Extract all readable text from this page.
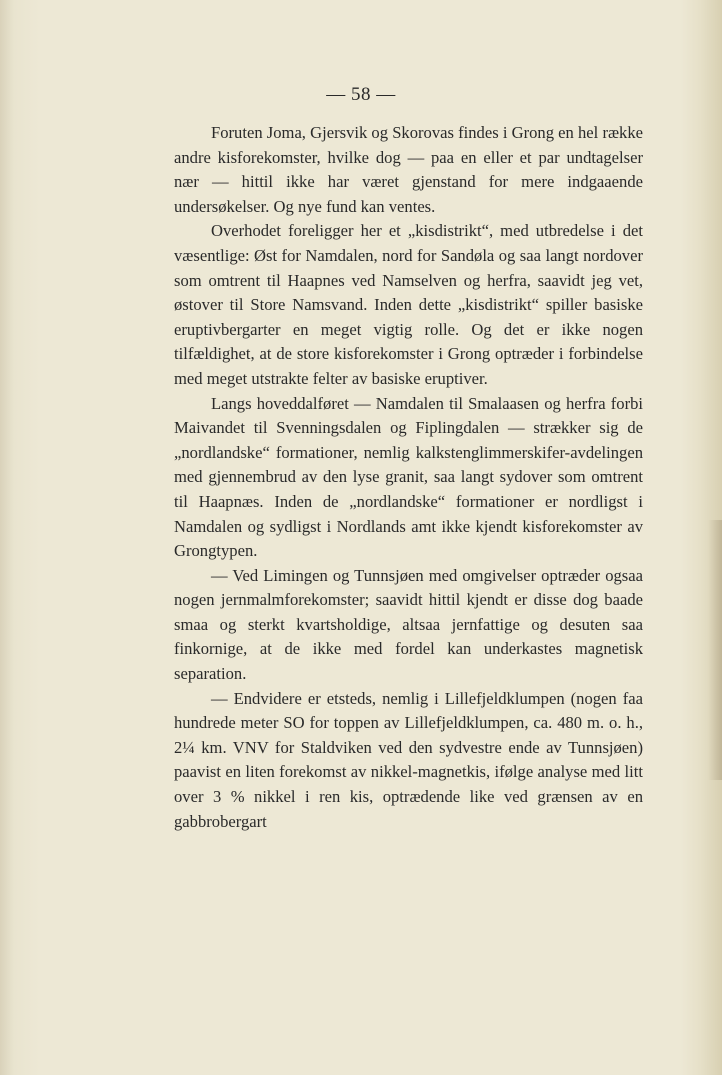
— 58 —

Foruten Joma, Gjersvik og Skorovas findes i Grong en hel række andre kisforekomster, hvilke dog — paa en eller et par undtagelser nær — hittil ikke har været gjenstand for mere indgaaende undersøkelser. Og nye fund kan ventes.

Overhodet foreligger her et „kisdistrikt“, med utbredelse i det væsentlige: Øst for Namdalen, nord for Sandøla og saa langt nordover som omtrent til Haapnes ved Namselven og herfra, saavidt jeg vet, østover til Store Namsvand. Inden dette „kisdistrikt“ spiller basiske eruptivbergarter en meget vigtig rolle. Og det er ikke nogen tilfældighet, at de store kisforekomster i Grong optræder i forbindelse med meget utstrakte felter av basiske eruptiver.

Langs hoveddalføret — Namdalen til Smalaasen og herfra forbi Maivandet til Svenningsdalen og Fiplingdalen — strækker sig de „nordlandske“ formationer, nemlig kalkstenglimmerskifer-avdelingen med gjennembrud av den lyse granit, saa langt sydover som omtrent til Haapnæs. Inden de „nordlandske“ formationer er nordligst i Namdalen og sydligst i Nordlands amt ikke kjendt kisforekomster av Grongtypen.

— Ved Limingen og Tunnsjøen med omgivelser optræder ogsaa nogen jernmalmforekomster; saavidt hittil kjendt er disse dog baade smaa og sterkt kvartsholdige, altsaa jernfattige og desuten saa finkornige, at de ikke med fordel kan underkastes magnetisk separation.

— Endvidere er etsteds, nemlig i Lillefjeldklumpen (nogen faa hundrede meter SO for toppen av Lillefjeldklumpen, ca. 480 m. o. h., 2¼ km. VNV for Staldviken ved den sydvestre ende av Tunnsjøen) paavist en liten forekomst av nikkel-magnetkis, ifølge analyse med litt over 3 % nikkel i ren kis, optrædende like ved grænsen av en gabbrobergart
